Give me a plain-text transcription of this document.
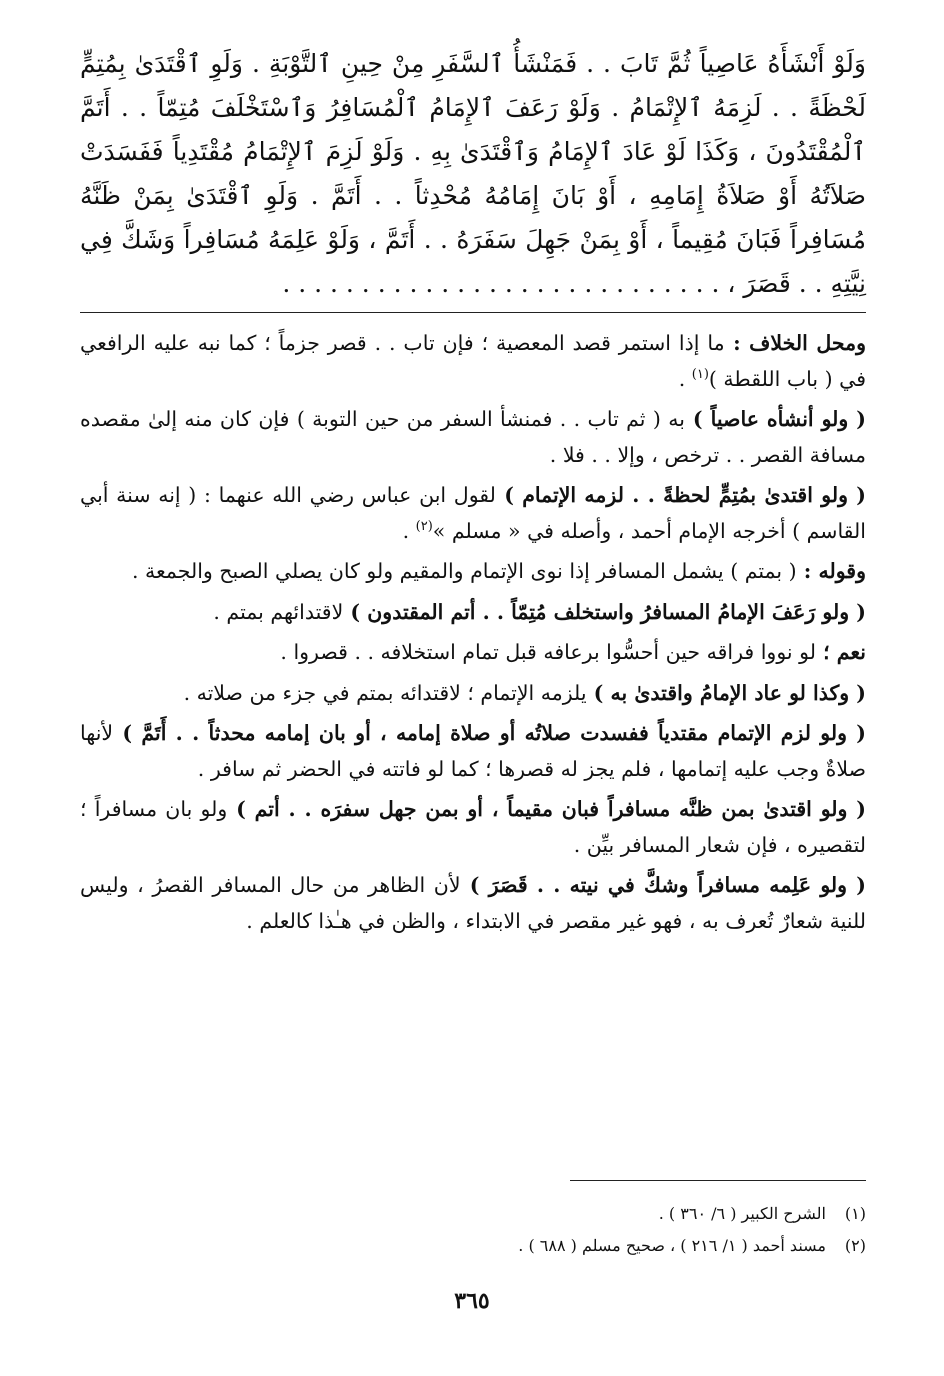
وَلَوْ أَنْشَأَهُ عَاصِياً ثُمَّ تَابَ . . فَمَنْشَأُ ٱلسَّفَرِ مِنْ حِينِ ٱلتَّوْبَةِ . وَلَوِ ٱقْتَدَىٰ بِمُتِمٍّ لَحْظَةً . . لَزِمَهُ ٱلإِتْمَامُ . وَلَوْ رَعَفَ ٱلإِمَامُ ٱلْمُسَافِرُ وَٱسْتَخْلَفَ مُتِمّاً . . أَتَمَّ ٱلْمُقْتَدُونَ ، وَكَذَا لَوْ عَادَ ٱلإِمَامُ وَٱقْتَدَىٰ بِهِ . وَلَوْ لَزِمَ ٱلإِتْمَامُ مُقْتَدِياً فَفَسَدَتْ صَلاَتُهُ أَوْ صَلاَةُ إِمَامِهِ ، أَوْ بَانَ إِمَامُهُ مُحْدِثاً . . أَتَمَّ . وَلَوِ ٱقْتَدَىٰ بِمَنْ ظَنَّهُ مُسَافِراً فَبَانَ مُقِيماً ، أَوْ بِمَنْ جَهِلَ سَفَرَهُ . . أَتَمَّ ، وَلَوْ عَلِمَهُ مُسَافِراً وَشَكَّ فِي نِيَّتِهِ . . قَصَرَ ، . . . . . . . . . . . . . . . . . . . . . . . . . . . .

ومحل الخلاف : ما إذا استمر قصد المعصية ؛ فإن تاب . . قصر جزماً ؛ كما نبه عليه الرافعي في ( باب اللقطة )$^{(١)}$ .

( ولو أنشأه عاصياً ) به ( ثم تاب . . فمنشأ السفر من حين التوبة ) فإن كان منه إلىٰ مقصده مسافة القصر . . ترخص ، وإلا . . فلا .

( ولو اقتدىٰ بمُتِمٍّ لحظةً . . لزمه الإتمام ) لقول ابن عباس رضي الله عنهما : ( إنه سنة أبي القاسم ) أخرجه الإمام أحمد ، وأصله في « مسلم »$^{(٢)}$ .

وقوله : ( بمتم ) يشمل المسافر إذا نوى الإتمام والمقيم ولو كان يصلي الصبح والجمعة .

( ولو رَعَفَ الإمامُ المسافرُ واستخلف مُتِمّاً . . أتم المقتدون ) لاقتدائهم بمتم .

نعم ؛ لو نووا فراقه حين أحسُّوا برعافه قبل تمام استخلافه . . قصروا .

( وكذا لو عاد الإمامُ واقتدىٰ به ) يلزمه الإتمام ؛ لاقتدائه بمتم في جزء من صلاته .

( ولو لزم الإتمام مقتدياً ففسدت صلاتُه أو صلاة إمامه ، أو بان إمامه محدثاً . . أَتَمَّ ) لأنها صلاةٌ وجب عليه إتمامها ، فلم يجز له قصرها ؛ كما لو فاتته في الحضر ثم سافر .

( ولو اقتدىٰ بمن ظنَّه مسافراً فبان مقيماً ، أو بمن جهل سفرَه . . أتم ) ولو بان مسافراً ؛ لتقصيره ، فإن شعار المسافر بيِّن .

( ولو عَلِمه مسافراً وشكَّ في نيته . . قَصَرَ ) لأن الظاهر من حال المسافر القصرُ ، وليس للنية شعارٌ تُعرف به ، فهو غير مقصر في الابتداء ، والظن في هـٰذا كالعلم .

(١)الشرح الكبير ( ٦/ ٣٦٠ ) .
(٢)مسند أحمد ( ١/ ٢١٦ ) ، صحيح مسلم ( ٦٨٨ ) .
٣٦٥
